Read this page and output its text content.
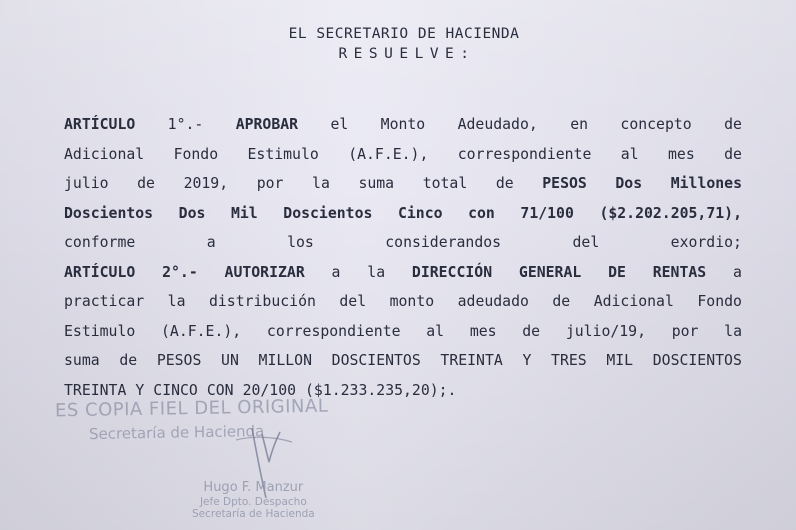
EL SECRETARIO DE HACIENDA
RESUELVE:
ARTÍCULO 1°.- APROBAR el Monto Adeudado, en concepto de
Adicional Fondo Estimulo (A.F.E.), correspondiente al mes de
julio de 2019, por la suma total de PESOS Dos Millones
Doscientos Dos Mil Doscientos Cinco con 71/100 ($2.202.205,71),
conforme	a	los	considerandos	del	exordio;
ARTÍCULO 2°.- AUTORIZAR a la DIRECCIÓN GENERAL DE RENTAS a
practicar la distribución del monto adeudado de Adicional Fondo
Estimulo (A.F.E.), correspondiente al mes de julio/19, por la
suma de PESOS UN MILLON DOSCIENTOS TREINTA Y TRES MIL DOSCIENTOS
TREINTA Y CINCO CON 20/100 ($1.233.235,20);.
ES COPIA FIEL DEL ORIGINAL
Secretaría de Hacienda
Hugo F. Manzur
Jefe Dpto. Despacho
Secretaría de Hacienda
